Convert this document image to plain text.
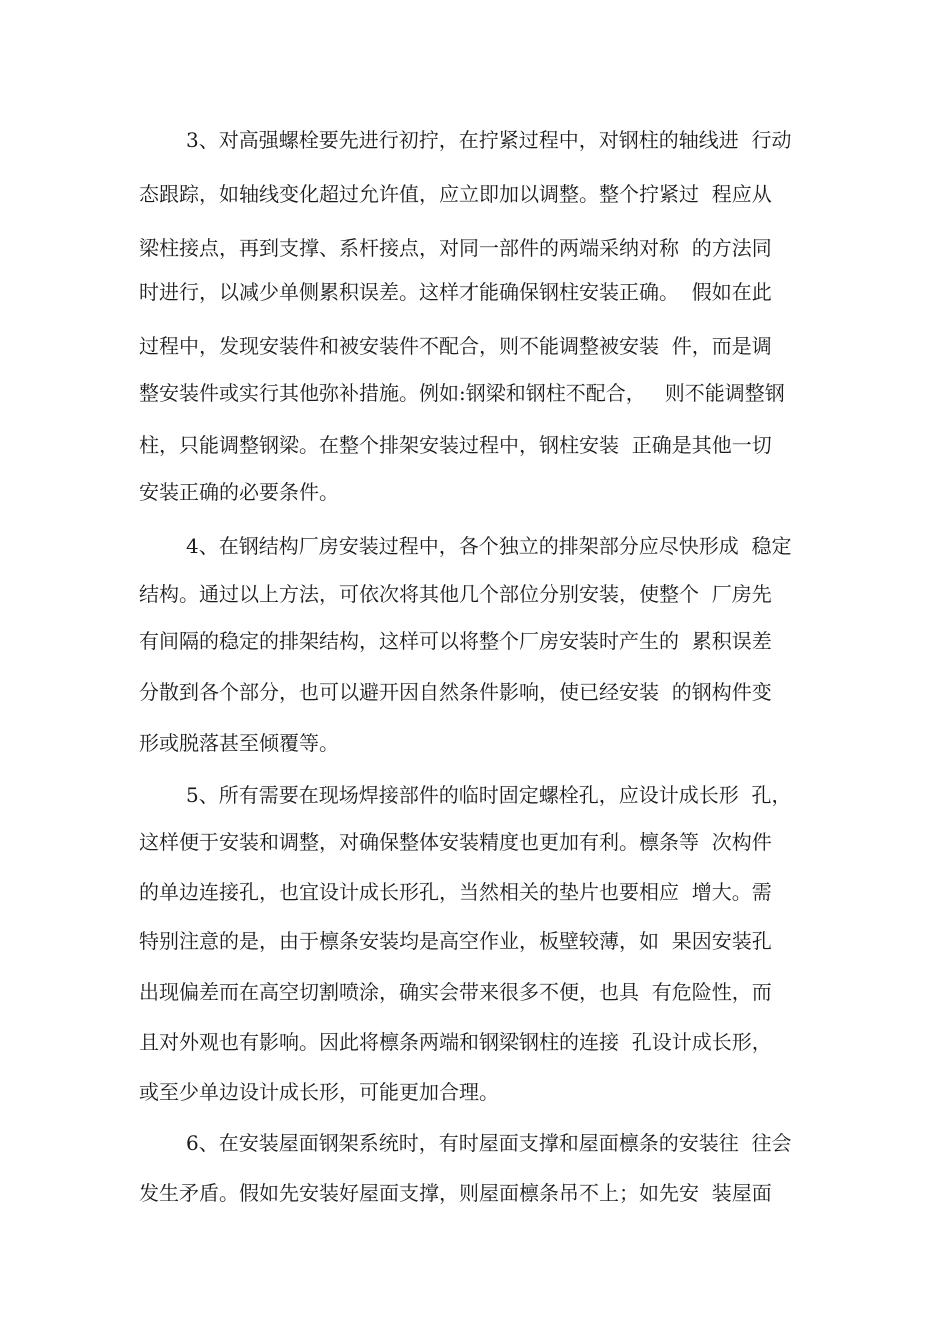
3、对高强螺栓要先进行初拧，在拧紧过程中，对钢柱的轴线进  行动
态跟踪，如轴线变化超过允许值，应立即加以调整。整个拧紧过  程应从
梁柱接点，再到支撑、系杆接点，对同一部件的两端采纳对称  的方法同
时进行，以减少单侧累积误差。这样才能确保钢柱安装正确。  假如在此
过程中，发现安装件和被安装件不配合，则不能调整被安装  件，而是调
整安装件或实行其他弥补措施。例如:钢梁和钢柱不配合，   则不能调整钢
柱，只能调整钢梁。在整个排架安装过程中，钢柱安装  正确是其他一切
安装正确的必要条件。
4、在钢结构厂房安装过程中，各个独立的排架部分应尽快形成  稳定
结构。通过以上方法，可依次将其他几个部位分别安装，使整个  厂房先
有间隔的稳定的排架结构，这样可以将整个厂房安装时产生的  累积误差
分散到各个部分，也可以避开因自然条件影响，使已经安装  的钢构件变
形或脱落甚至倾覆等。
5、所有需要在现场焊接部件的临时固定螺栓孔，应设计成长形  孔，
这样便于安装和调整，对确保整体安装精度也更加有利。檩条等  次构件
的单边连接孔，也宜设计成长形孔，当然相关的垫片也要相应  增大。需
特别注意的是，由于檩条安装均是高空作业，板壁较薄，如  果因安装孔
出现偏差而在高空切割喷涂，确实会带来很多不便，也具  有危险性，而
且对外观也有影响。因此将檩条两端和钢梁钢柱的连接  孔设计成长形，
或至少单边设计成长形，可能更加合理。
6、在安装屋面钢架系统时，有时屋面支撑和屋面檩条的安装往  往会
发生矛盾。假如先安装好屋面支撑，则屋面檩条吊不上；如先安  装屋面
